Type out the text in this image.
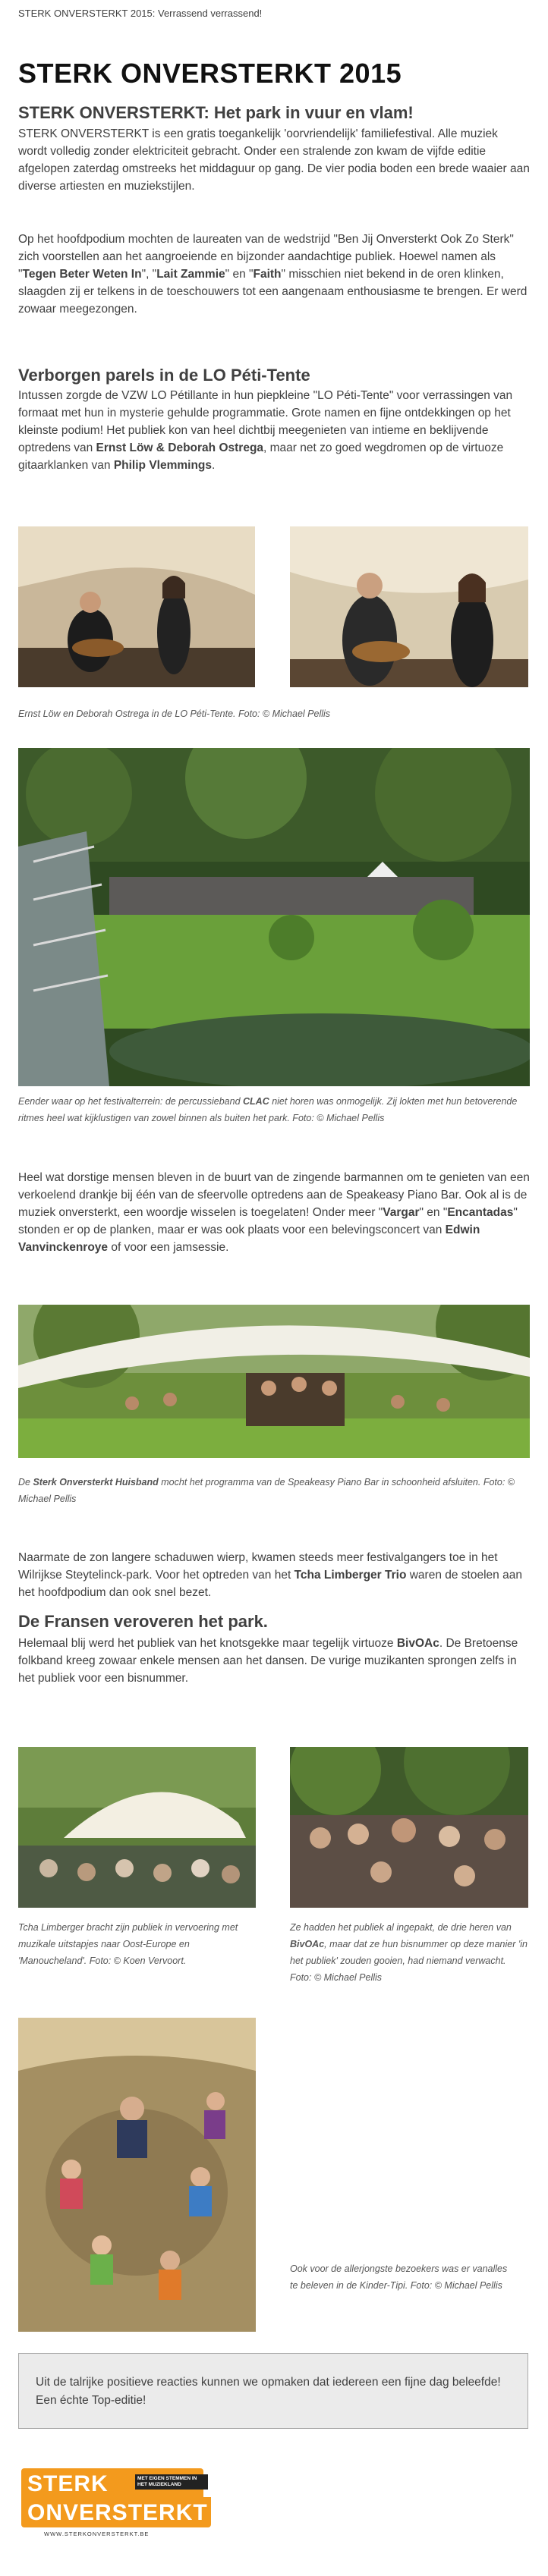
STERK ONVERSTERKT 2015: Verrassend verrassend!
STERK ONVERSTERKT 2015
STERK ONVERSTERKT: Het park in vuur en vlam!

STERK ONVERSTERKT is een gratis toegankelijk 'oorvriendelijk' familiefestival. Alle muziek wordt volledig zonder elektriciteit gebracht. Onder een stralende zon kwam de vijfde editie afgelopen zaterdag omstreeks het middaguur op gang. De vier podia boden een brede waaier aan diverse artiesten en muziekstijlen.

Op het hoofdpodium mochten de laureaten van de wedstrijd "Ben Jij Onversterkt Ook Zo Sterk" zich voorstellen aan het aangroeiende en bijzonder aandachtige publiek. Hoewel namen als "Tegen Beter Weten In", "Lait Zammie" en "Faith" misschien niet bekend in de oren klinken, slaagden zij er telkens in de toeschouwers tot een aangenaam enthousiasme te brengen. Er werd zowaar meegezongen.

Verborgen parels in de LO Péti-Tente

Intussen zorgde de VZW LO Pétillante in hun piepkleine "LO Péti-Tente" voor verrassingen van formaat met hun in mysterie gehulde programmatie. Grote namen en fijne ontdekkingen op het kleinste podium! Het publiek kon van heel dichtbij meegenieten van intieme en beklijvende optredens van Ernst Löw & Deborah Ostrega, maar net zo goed wegdromen op de virtuoze gitaarklanken van Philip Vlemmings.

Ernst Löw en Deborah Ostrega in de LO Péti-Tente. Foto: © Michael Pellis

Eender waar op het festivalterrein: de percussieband CLAC niet horen was onmogelijk. Zij lokten met hun betoverende ritmes heel wat kijklustigen van zowel binnen als buiten het park. Foto: © Michael Pellis

Heel wat dorstige mensen bleven in de buurt van de zingende barmannen om te genieten van een verkoelend drankje bij één van de sfeervolle optredens aan de Speakeasy Piano Bar. Ook al is de muziek onversterkt, een woordje wisselen is toegelaten! Onder meer "Vargar" en "Encantadas" stonden er op de planken, maar er was ook plaats voor een belevingsconcert van Edwin Vanvinckenroye of voor een jamsessie.

De Sterk Onversterkt Huisband mocht het programma van de Speakeasy Piano Bar in schoonheid afsluiten. Foto: © Michael Pellis

Naarmate de zon langere schaduwen wierp, kwamen steeds meer festivalgangers toe in het Wilrijkse Steytelinck-park. Voor het optreden van het Tcha Limberger Trio waren de stoelen aan het hoofdpodium dan ook snel bezet.

De Fransen veroveren het park.

Helemaal blij werd het publiek van het knotsgekke maar tegelijk virtuoze BivOAc. De Bretoense folkband kreeg zowaar enkele mensen aan het dansen. De vurige muzikanten sprongen zelfs in het publiek voor een bisnummer.

Tcha Limberger bracht zijn publiek in vervoering met muzikale uitstapjes naar Oost-Europe en 'Manoucheland'. Foto: © Koen Vervoort.

Ze hadden het publiek al ingepakt, de drie heren van BivOAc, maar dat ze hun bisnummer op deze manier 'in het publiek' zouden gooien, had niemand verwacht. Foto: © Michael Pellis

Ook voor de allerjongste bezoekers was er vanalles te beleven in de Kinder-Tipi. Foto: © Michael Pellis

Uit de talrijke positieve reacties kunnen we opmaken dat iedereen een fijne dag beleefde! Een échte Top-editie!

STERK	MET EIGEN STEMMEN IN HET MUZIEKLAND
ONVERSTERKT
WWW.STERKONVERSTERKT.BE
